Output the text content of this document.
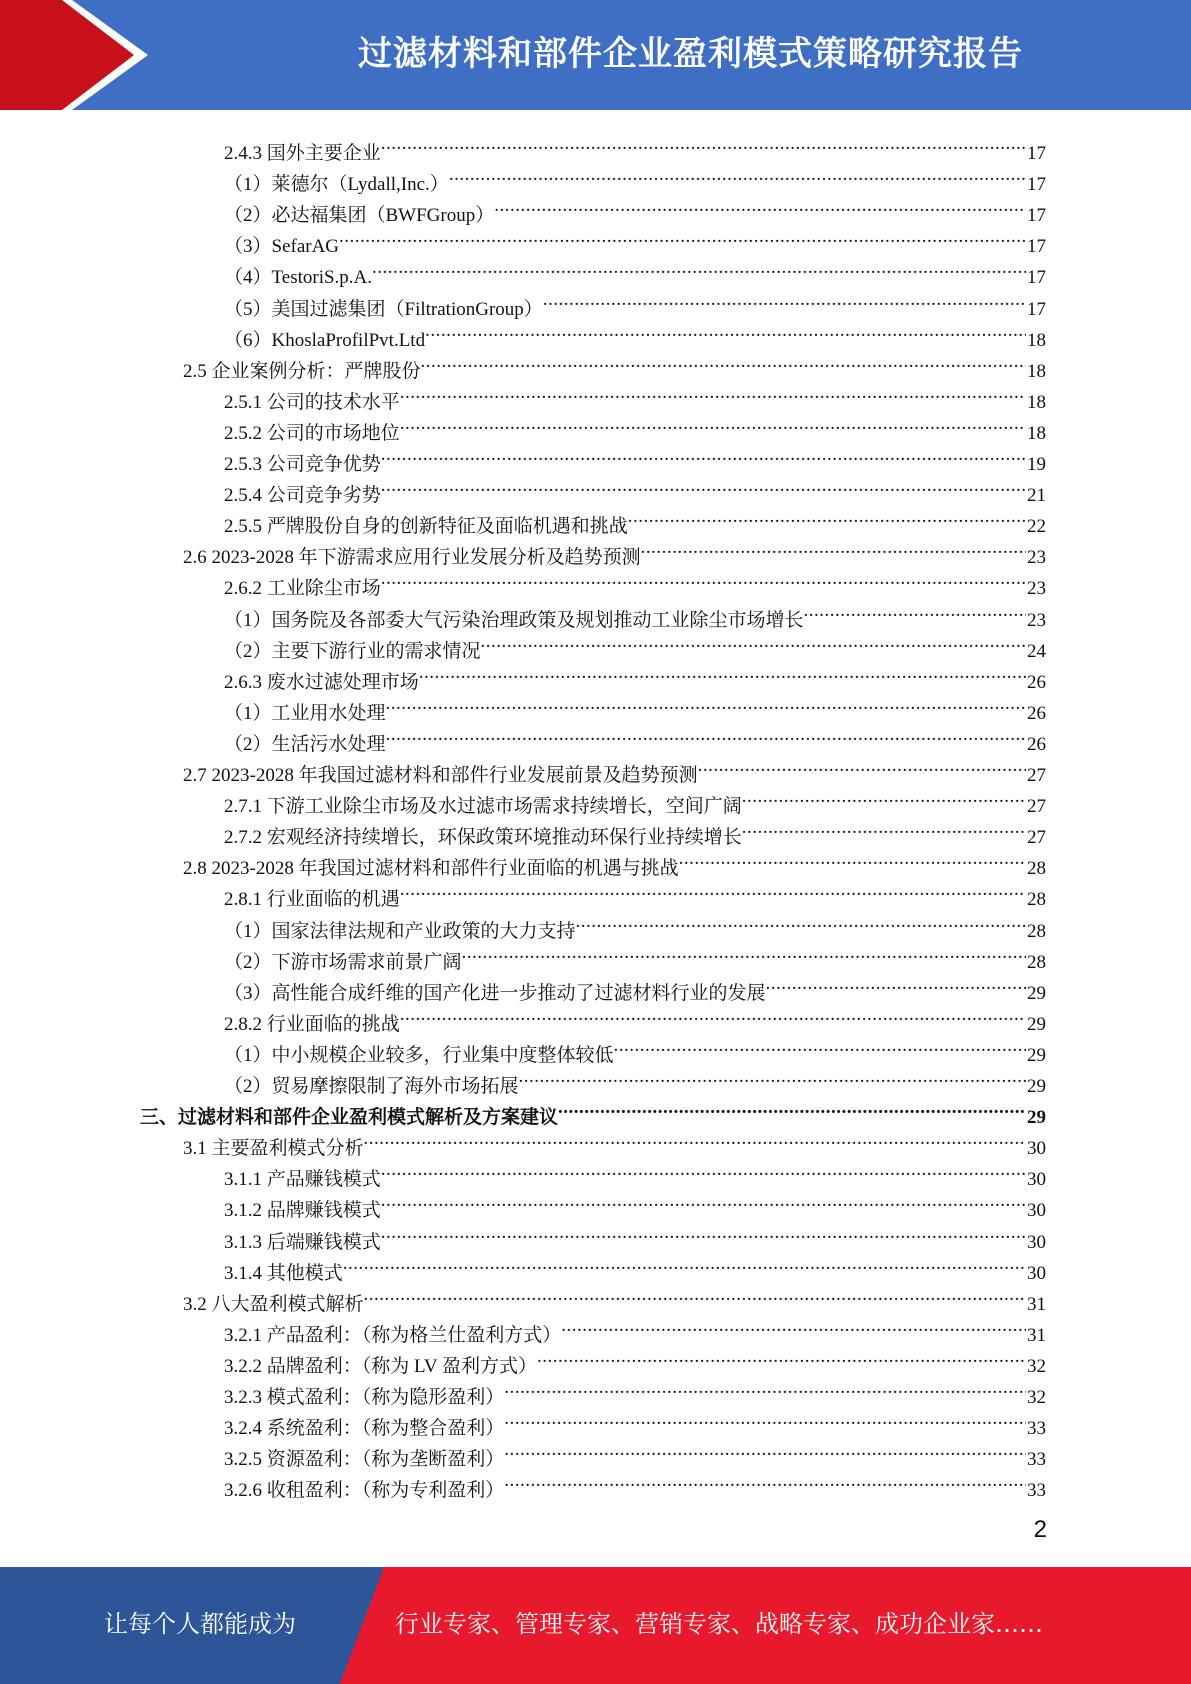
过滤材料和部件企业盈利模式策略研究报告
2.4.3 国外主要企业 .....	17
（1）莱德尔（Lydall,Inc.） .....	17
（2）必达福集团（BWFGroup） .....	17
（3）SefarAG .....	17
（4）TestoriS.p.A. .....	17
（5）美国过滤集团（FiltrationGroup） .....	17
（6）KhoslaProfilPvt.Ltd .....	18
2.5 企业案例分析：严牌股份 .....	18
2.5.1 公司的技术水平 .....	18
2.5.2 公司的市场地位 .....	18
2.5.3 公司竞争优势 .....	19
2.5.4 公司竞争劣势 .....	21
2.5.5 严牌股份自身的创新特征及面临机遇和挑战 .....	22
2.6 2023-2028 年下游需求应用行业发展分析及趋势预测 .....	23
2.6.2 工业除尘市场 .....	23
（1）国务院及各部委大气污染治理政策及规划推动工业除尘市场增长 .....	23
（2）主要下游行业的需求情况 .....	24
2.6.3 废水过滤处理市场 .....	26
（1）工业用水处理 .....	26
（2）生活污水处理 .....	26
2.7 2023-2028 年我国过滤材料和部件行业发展前景及趋势预测 .....	27
2.7.1 下游工业除尘市场及水过滤市场需求持续增长，空间广阔 .....	27
2.7.2 宏观经济持续增长，环保政策环境推动环保行业持续增长 .....	27
2.8 2023-2028 年我国过滤材料和部件行业面临的机遇与挑战 .....	28
2.8.1 行业面临的机遇 .....	28
（1）国家法律法规和产业政策的大力支持 .....	28
（2）下游市场需求前景广阔 .....	28
（3）高性能合成纤维的国产化进一步推动了过滤材料行业的发展 .....	29
2.8.2 行业面临的挑战 .....	29
（1）中小规模企业较多，行业集中度整体较低 .....	29
（2）贸易摩擦限制了海外市场拓展 .....	29
三、过滤材料和部件企业盈利模式解析及方案建议 .....	29
3.1 主要盈利模式分析 .....	30
3.1.1 产品赚钱模式 .....	30
3.1.2 品牌赚钱模式 .....	30
3.1.3 后端赚钱模式 .....	30
3.1.4 其他模式 .....	30
3.2 八大盈利模式解析 .....	31
3.2.1 产品盈利：（称为格兰仕盈利方式） .....	31
3.2.2 品牌盈利：（称为 LV 盈利方式） .....	32
3.2.3 模式盈利：（称为隐形盈利） .....	32
3.2.4 系统盈利：（称为整合盈利） .....	33
3.2.5 资源盈利：（称为垄断盈利） .....	33
3.2.6 收租盈利：（称为专利盈利） .....	33
2
让每个人都能成为	行业专家、管理专家、营销专家、战略专家、成功企业家……
